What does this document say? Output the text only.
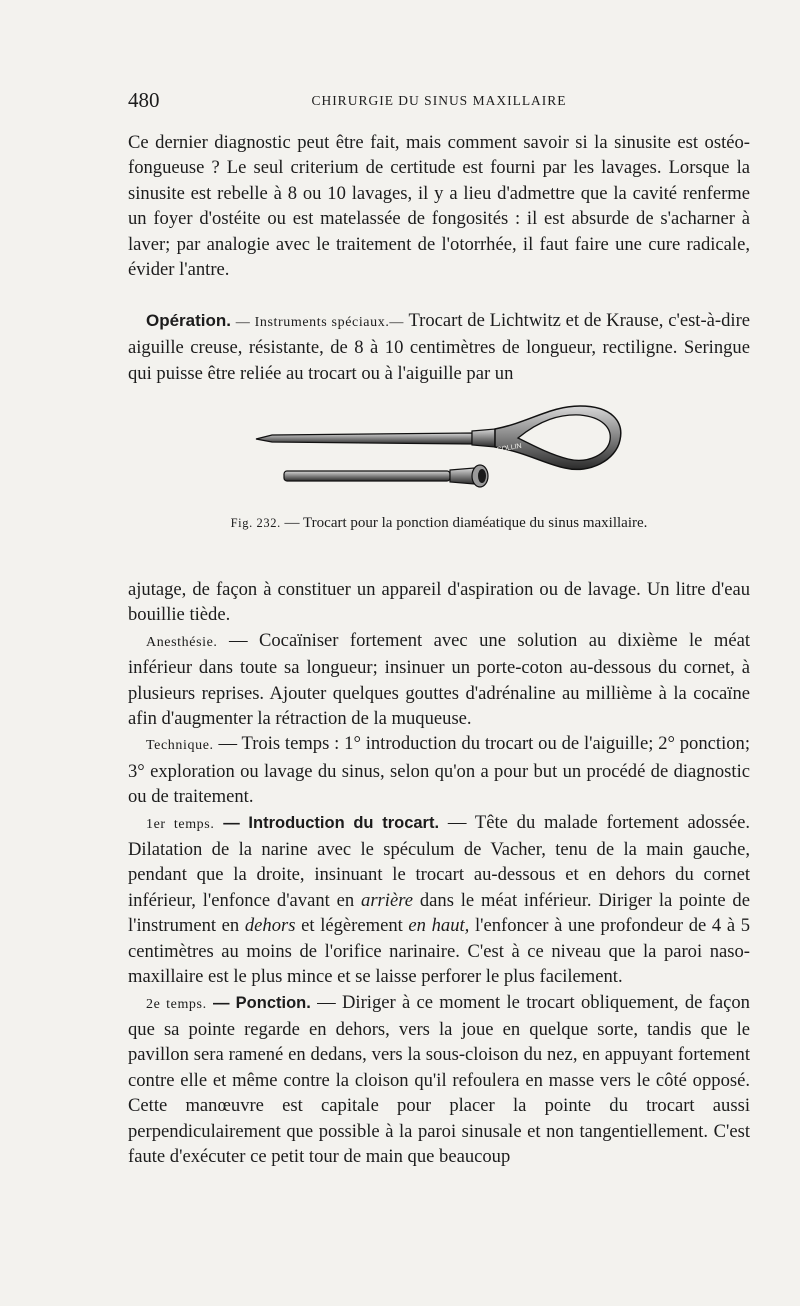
480	CHIRURGIE DU SINUS MAXILLAIRE

Ce dernier diagnostic peut être fait, mais comment savoir si la sinusite est ostéo-fongueuse ? Le seul criterium de certitude est fourni par les lavages. Lorsque la sinusite est rebelle à 8 ou 10 lavages, il y a lieu d'admettre que la cavité renferme un foyer d'ostéite ou est matelassée de fongosités : il est absurde de s'acharner à laver; par analogie avec le traitement de l'otorrhée, il faut faire une cure radicale, évider l'antre.

Opération. — Instruments spéciaux.— Trocart de Lichtwitz et de Krause, c'est-à-dire aiguille creuse, résistante, de 8 à 10 centimètres de longueur, rectiligne. Seringue qui puisse être reliée au trocart ou à l'aiguille par un

COLLIN
Fig. 232. — Trocart pour la ponction diaméatique du sinus maxillaire.

ajutage, de façon à constituer un appareil d'aspiration ou de lavage. Un litre d'eau bouillie tiède.

Anesthésie. — Cocaïniser fortement avec une solution au dixième le méat inférieur dans toute sa longueur; insinuer un porte-coton au-dessous du cornet, à plusieurs reprises. Ajouter quelques gouttes d'adrénaline au millième à la cocaïne afin d'augmenter la rétraction de la muqueuse.

Technique. — Trois temps : 1° introduction du trocart ou de l'aiguille; 2° ponction; 3° exploration ou lavage du sinus, selon qu'on a pour but un procédé de diagnostic ou de traitement.

1er temps. — Introduction du trocart. — Tête du malade fortement adossée. Dilatation de la narine avec le spéculum de Vacher, tenu de la main gauche, pendant que la droite, insinuant le trocart au-dessous et en dehors du cornet inférieur, l'enfonce d'avant en arrière dans le méat inférieur. Diriger la pointe de l'instrument en dehors et légèrement en haut, l'enfoncer à une profondeur de 4 à 5 centimètres au moins de l'orifice narinaire. C'est à ce niveau que la paroi naso-maxillaire est le plus mince et se laisse perforer le plus facilement.

2e temps. — Ponction. — Diriger à ce moment le trocart obliquement, de façon que sa pointe regarde en dehors, vers la joue en quelque sorte, tandis que le pavillon sera ramené en dedans, vers la sous-cloison du nez, en appuyant fortement contre elle et même contre la cloison qu'il refoulera en masse vers le côté opposé. Cette manœuvre est capitale pour placer la pointe du trocart aussi perpendiculairement que possible à la paroi sinusale et non tangentiellement. C'est faute d'exécuter ce petit tour de main que beaucoup
